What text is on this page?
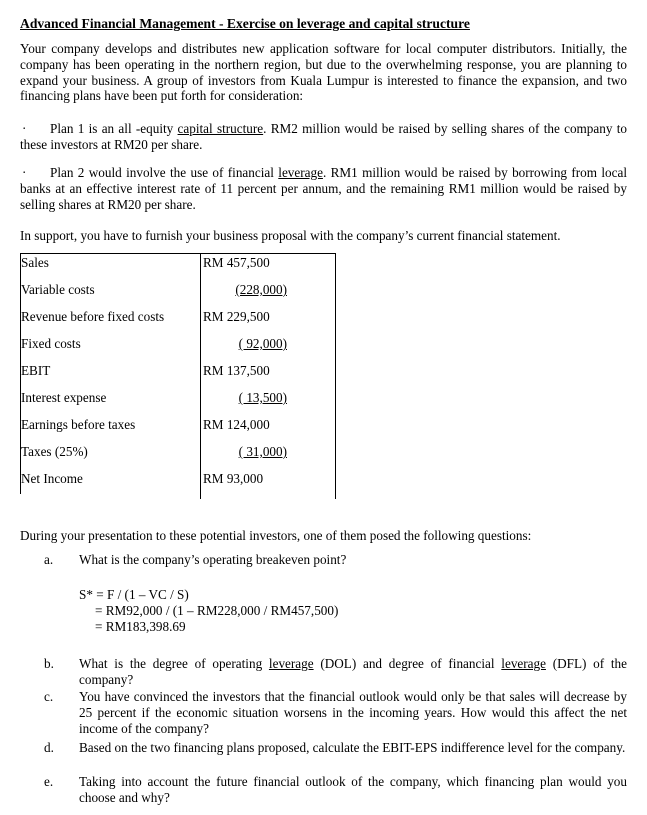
Advanced Financial Management - Exercise on leverage and capital structure
Your company develops and distributes new application software for local computer distributors. Initially, the company has been operating in the northern region, but due to the overwhelming response, you are planning to expand your business. A group of investors from Kuala Lumpur is interested to finance the expansion, and two financing plans have been put forth for consideration:
· Plan 1 is an all -equity capital structure. RM2 million would be raised by selling shares of the company to these investors at RM20 per share.
· Plan 2 would involve the use of financial leverage. RM1 million would be raised by borrowing from local banks at an effective interest rate of 11 percent per annum, and the remaining RM1 million would be raised by selling shares at RM20 per share.
In support, you have to furnish your business proposal with the company’s current financial statement.
Sales	RM 457,500
Variable costs	(228,000)
Revenue before fixed costs	RM 229,500
Fixed costs	( 92,000)
EBIT	RM 137,500
Interest expense	( 13,500)
Earnings before taxes	RM 124,000
Taxes (25%)	( 31,000)
Net Income	RM 93,000
During your presentation to these potential investors, one of them posed the following questions:
a. What is the company’s operating breakeven point?
S* = F / (1 – VC / S)
= RM92,000 / (1 – RM228,000 / RM457,500)
= RM183,398.69
b. What is the degree of operating leverage (DOL) and degree of financial leverage (DFL) of the company?
c. You have convinced the investors that the financial outlook would only be that sales will decrease by 25 percent if the economic situation worsens in the incoming years. How would this affect the net income of the company?
d. Based on the two financing plans proposed, calculate the EBIT-EPS indifference level for the company.
e. Taking into account the future financial outlook of the company, which financing plan would you choose and why?
